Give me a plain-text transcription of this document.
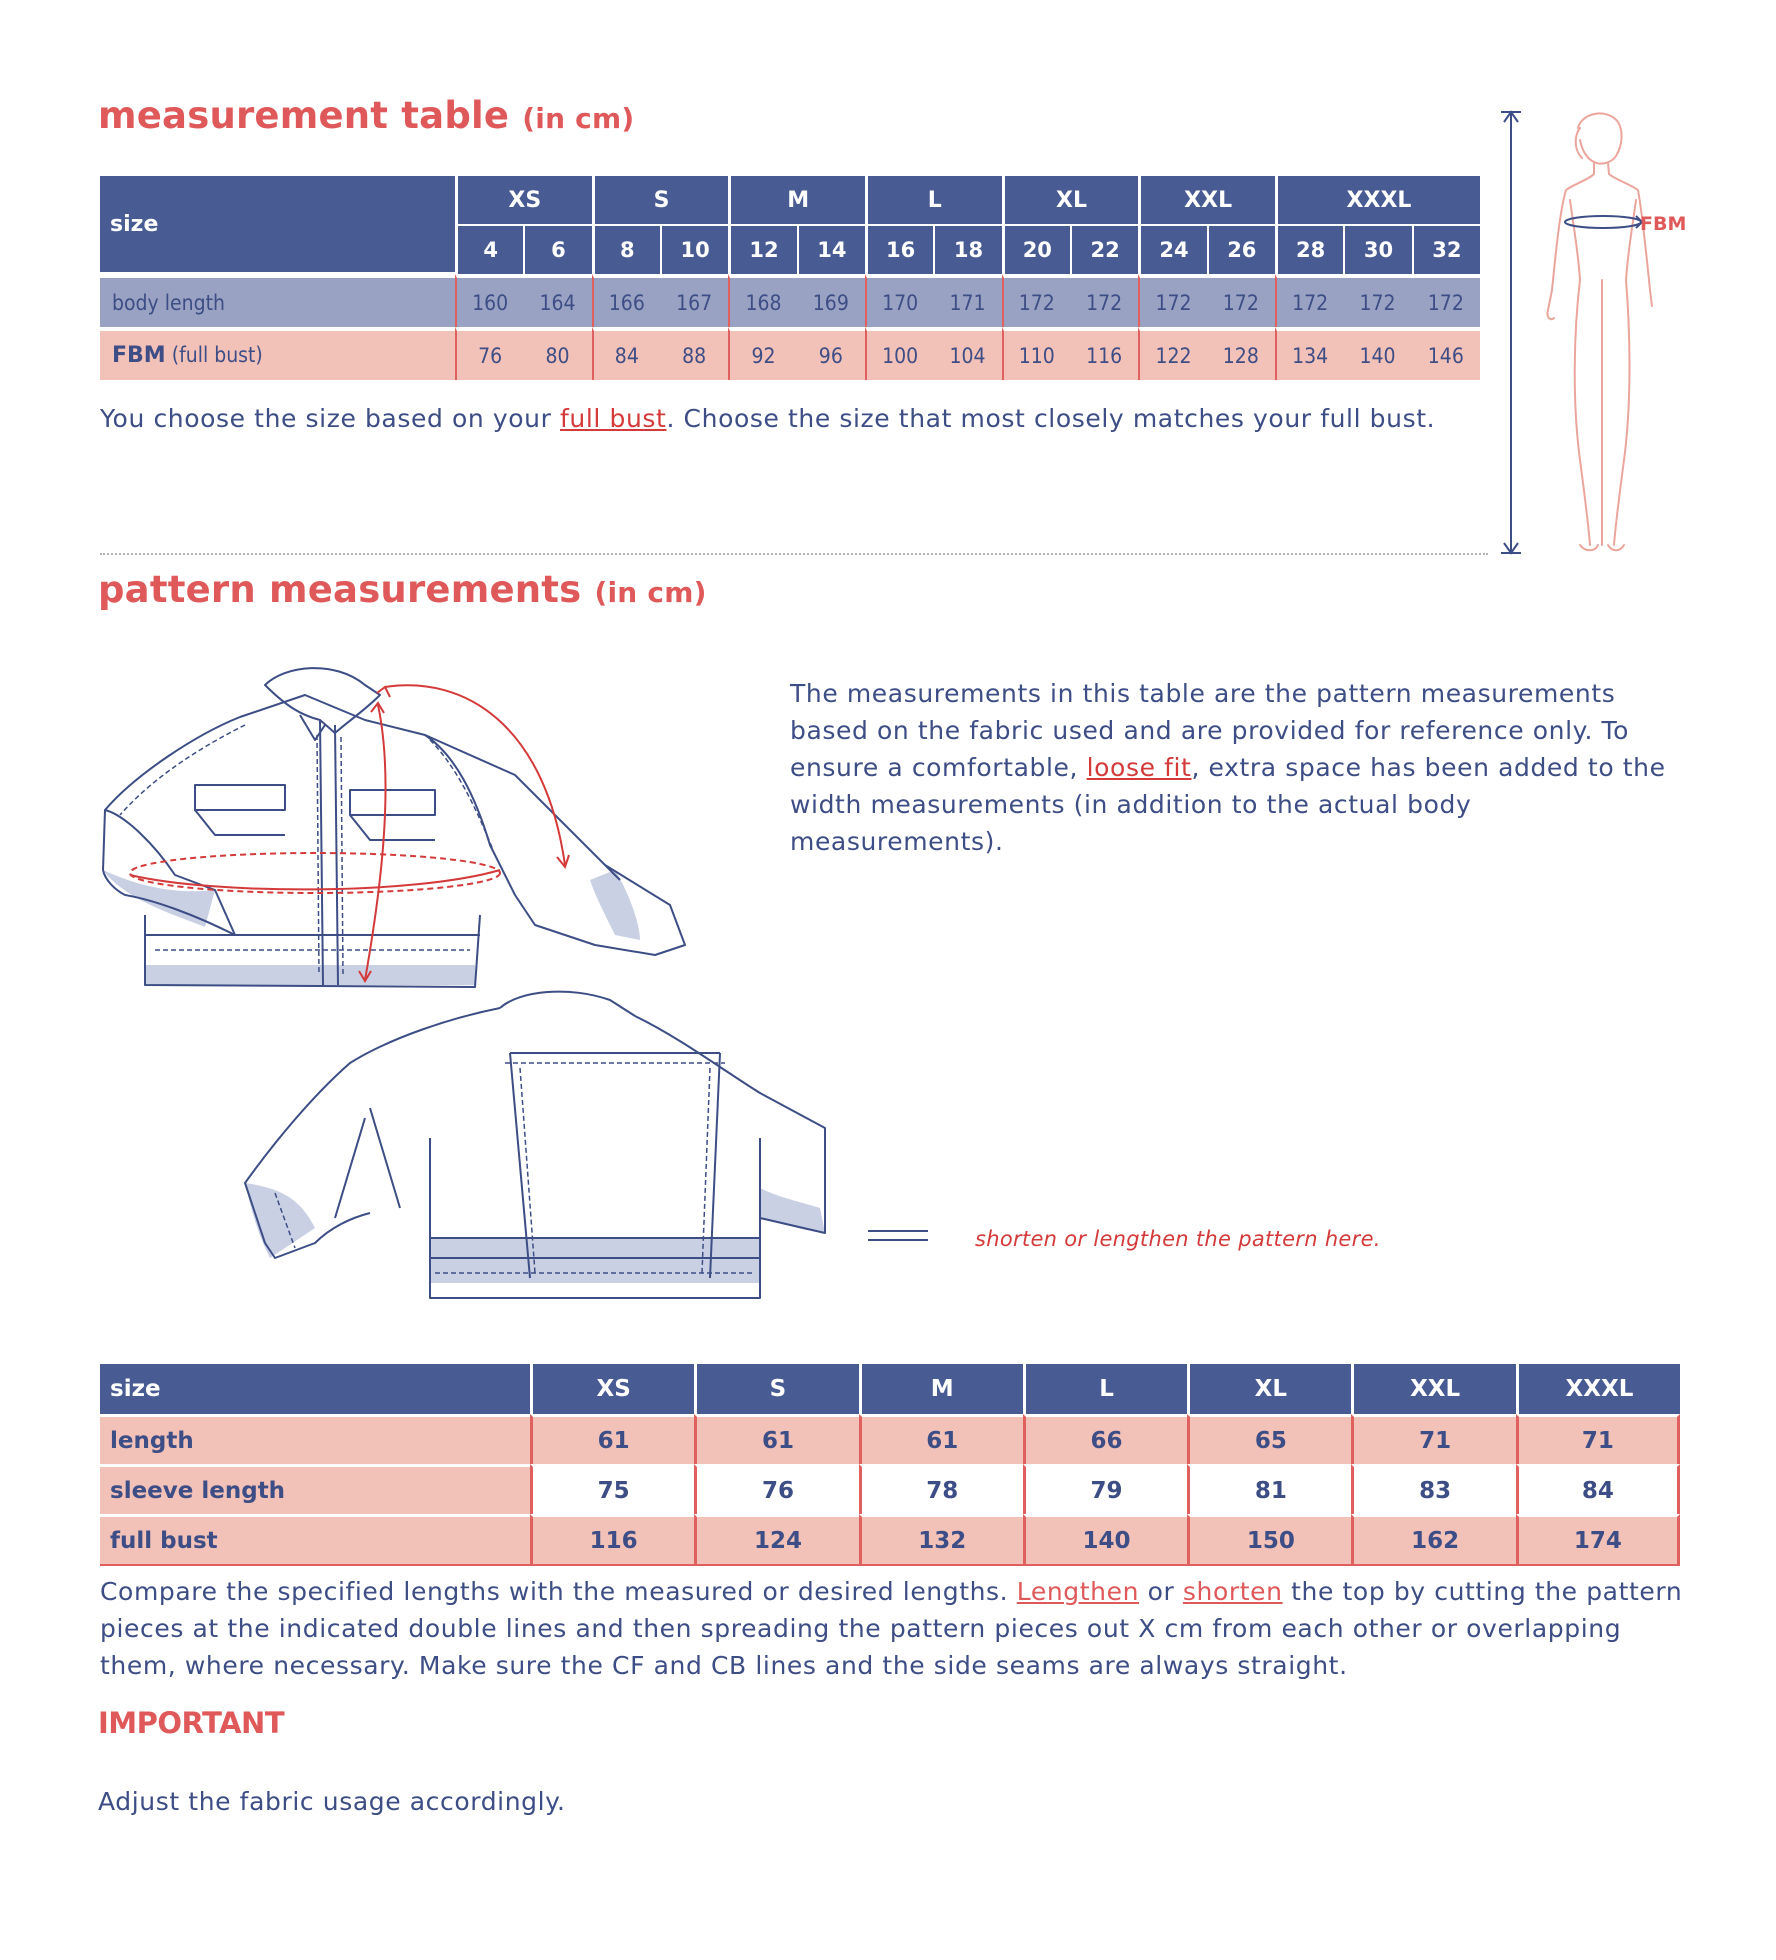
measurement table (in cm)
size	XS		S		M		L		XL		XXL		XXXL		
	4	6	8	10	12	14	16	18	20	22	24	26	28	30	32
body length	160	164	166	167	168	169	170	171	172	172	172	172	172	172	172
FBM (full bust)	76	80	84	88	92	96	100	104	110	116	122	128	134	140	146
You choose the size based on your full bust. Choose the size that most closely matches your full bust.
FBM
pattern measurements (in cm)
The measurements in this table are the pattern measurements based on the fabric used and are provided for reference only. To ensure a comfortable, loose fit, extra space has been added to the width measurements (in addition to the actual body measurements).
shorten or lengthen the pattern here.
size	XS	S	M	L	XL	XXL	XXXL
length	61	61	61	66	65	71	71
sleeve length	75	76	78	79	81	83	84
full bust	116	124	132	140	150	162	174
Compare the specified lengths with the measured or desired lengths. Lengthen or shorten the top by cutting the pattern pieces at the indicated double lines and then spreading the pattern pieces out X cm from each other or overlapping them, where necessary. Make sure the CF and CB lines and the side seams are always straight.
IMPORTANT
Adjust the fabric usage accordingly.
